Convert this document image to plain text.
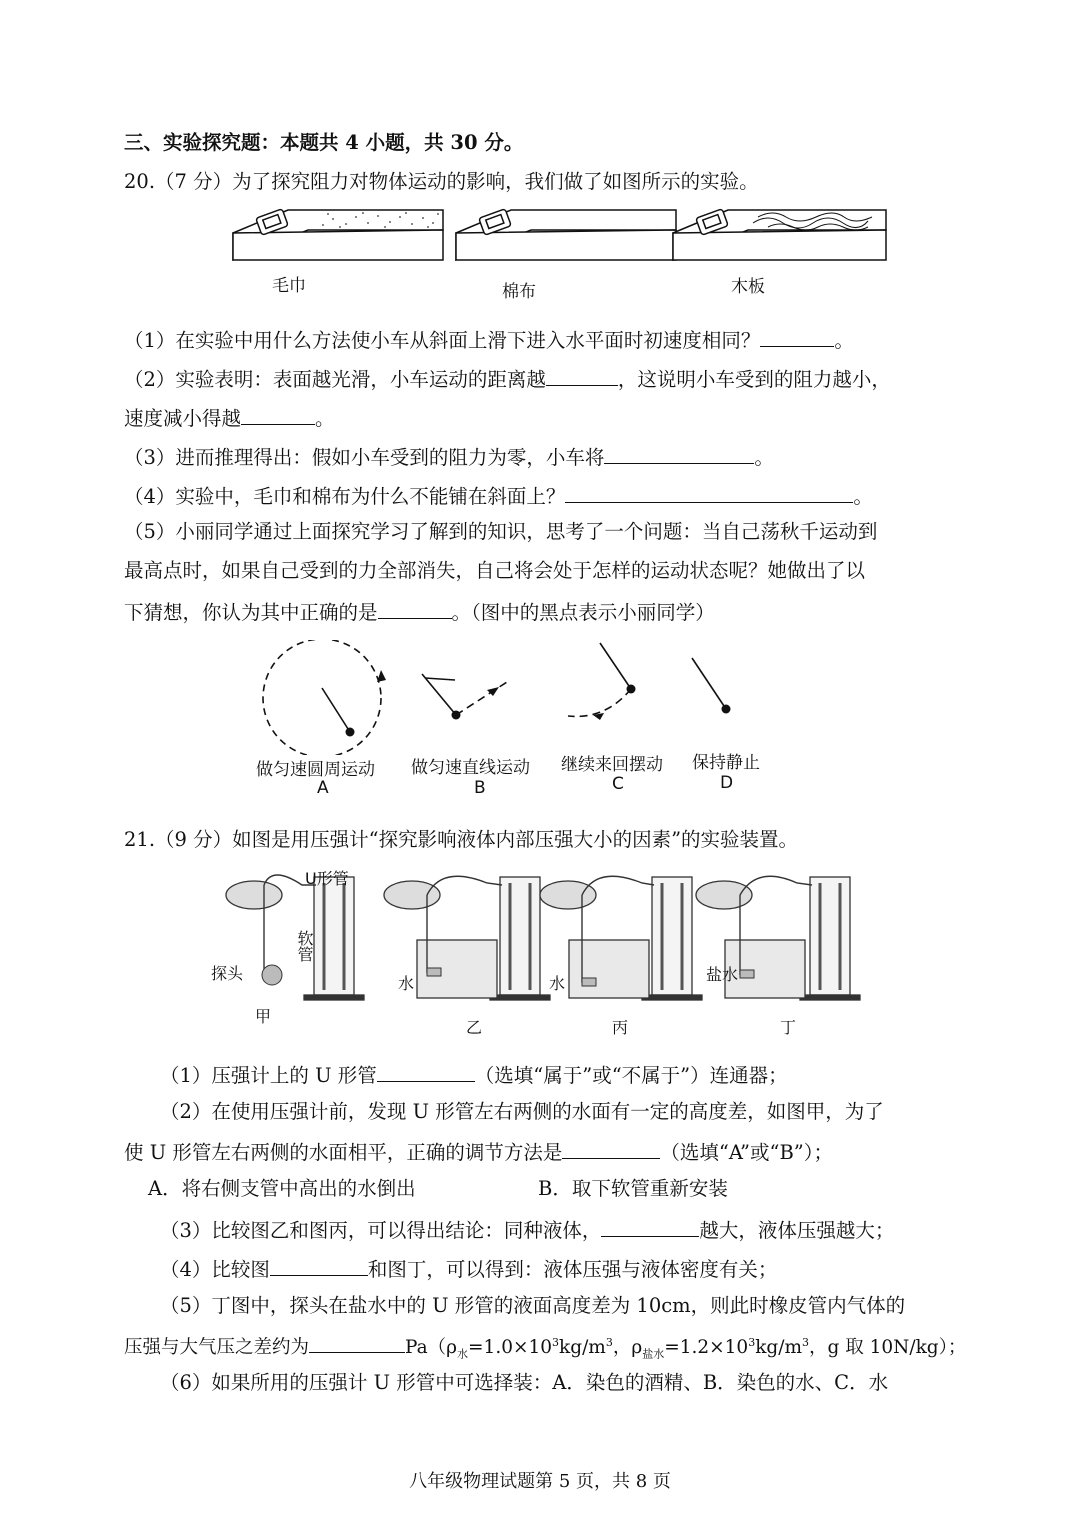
三、实验探究题：本题共 4 小题，共 30 分。
20.（7 分）为了探究阻力对物体运动的影响，我们做了如图所示的实验。
毛巾	棉布	木板
（1）在实验中用什么方法使小车从斜面上滑下进入水平面时初速度相同？	。
（2）实验表明：表面越光滑，小车运动的距离越	，这说明小车受到的阻力越小，
速度减小得越	。
（3）进而推理得出：假如小车受到的阻力为零，小车将	。
（4）实验中，毛巾和棉布为什么不能铺在斜面上？	。
（5）小丽同学通过上面探究学习了解到的知识，思考了一个问题：当自己荡秋千运动到
最高点时，如果自己受到的力全部消失，自己将会处于怎样的运动状态呢？她做出了以
下猜想，你认为其中正确的是	。（图中的黑点表示小丽同学）
做匀速圆周运动
A
做匀速直线运动
B
继续来回摆动
C
保持静止
D
21.（9 分）如图是用压强计“探究影响液体内部压强大小的因素”的实验装置。
U形管
软管
探头
水	水	盐水
甲
乙	丙	丁
（1）压强计上的 U 形管	（选填“属于”或“不属于”）连通器；
（2）在使用压强计前，发现 U 形管左右两侧的水面有一定的高度差，如图甲，为了
使 U 形管左右两侧的水面相平，正确的调节方法是	（选填“A”或“B”）；
A．将右侧支管中高出的水倒出	B．取下软管重新安装
（3）比较图乙和图丙，可以得出结论：同种液体，	越大，液体压强越大；
（4）比较图	和图丁，可以得到：液体压强与液体密度有关；
（5）丁图中，探头在盐水中的 U 形管的液面高度差为 10cm，则此时橡皮管内气体的
压强与大气压之差约为	$Pa(\rho_水=1.0\times 10^3kg/m^3$，$\rho_{盐水}=1.2\times 10^3kg/m^3$，g 取 10N/kg）；
（6）如果所用的压强计 U 形管中可选择装：A．染色的酒精、B．染色的水、C．水
八年级物理试题第 5 页，共 8 页
